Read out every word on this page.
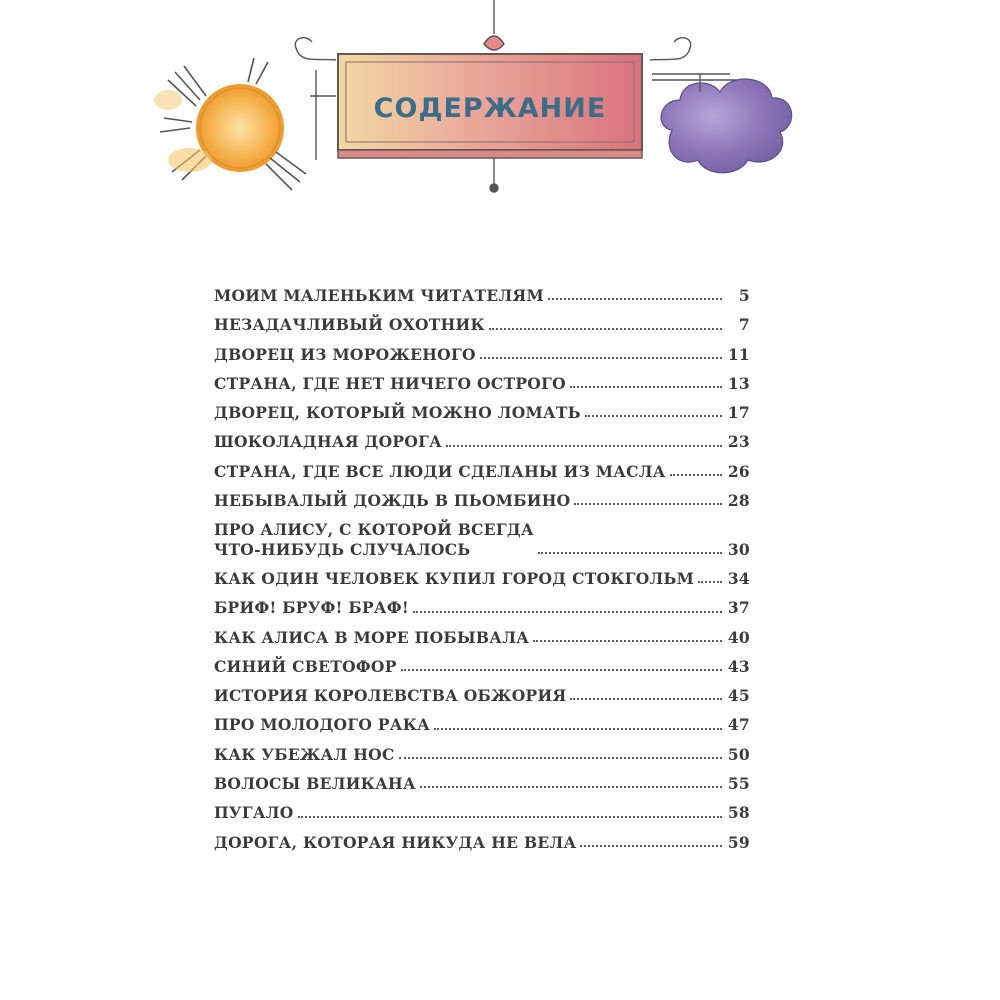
СОДЕРЖАНИЕ
МОИМ МАЛЕНЬКИМ ЧИТАТЕЛЯМ	5
НЕЗАДАЧЛИВЫЙ ОХОТНИК	7
ДВОРЕЦ ИЗ МОРОЖЕНОГО	11
СТРАНА, ГДЕ НЕТ НИЧЕГО ОСТРОГО	13
ДВОРЕЦ, КОТОРЫЙ МОЖНО ЛОМАТЬ	17
ШОКОЛАДНАЯ ДОРОГА	23
СТРАНА, ГДЕ ВСЕ ЛЮДИ СДЕЛАНЫ ИЗ МАСЛА	26
НЕБЫВАЛЫЙ ДОЖДЬ В ПЬОМБИНО	28
ПРО АЛИСУ, С КОТОРОЙ ВСЕГДА
ЧТО-НИБУДЬ СЛУЧАЛОСЬ	30
КАК ОДИН ЧЕЛОВЕК КУПИЛ ГОРОД СТОКГОЛЬМ 34
БРИФ! БРУФ! БРАФ!	37
КАК АЛИСА В МОРЕ ПОБЫВАЛА	40
СИНИЙ СВЕТОФОР	43
ИСТОРИЯ КОРОЛЕВСТВА ОБЖОРИЯ	45
ПРО МОЛОДОГО РАКА	47
КАК УБЕЖАЛ НОС	50
ВОЛОСЫ ВЕЛИКАНА	55
ПУГАЛО	58
ДОРОГА, КОТОРАЯ НИКУДА НЕ ВЕЛА	59
